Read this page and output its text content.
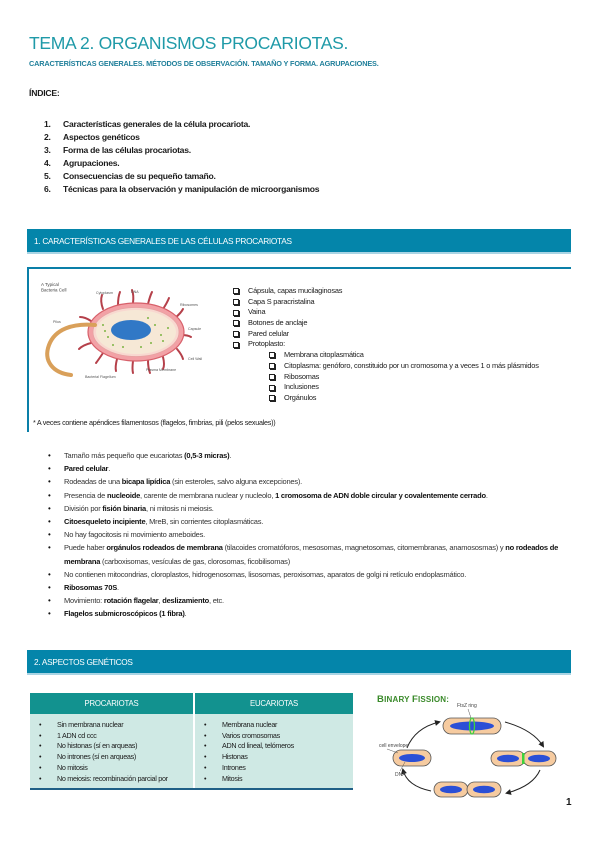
TEMA 2. ORGANISMOS PROCARIOTAS.
CARACTERÍSTICAS GENERALES. MÉTODOS DE OBSERVACIÓN. TAMAÑO Y FORMA. AGRUPACIONES.
ÍNDICE:
1.	Características generales de la célula procariota.
2.	Aspectos genéticos
3.	Forma de las células procariotas.
4.	Agrupaciones.
5.	Consecuencias de su pequeño tamaño.
6.	Técnicas para la observación y manipulación de microorganismos
1. CARACTERÍSTICAS GENERALES DE LAS CÉLULAS PROCARIOTAS
A Typical
Bacteria Cell
Cytoplasm	DNA
Ribosomes
Capsule
Cell Wall
Plasma Membrane
Bacterial Flagellum
Pilus
Cápsula, capas mucilaginosas
Capa S paracristalina
Vaina
Botones de anclaje
Pared celular
Protoplasto:
Membrana citoplasmática
Citoplasma: genóforo, constituido por un cromosoma y a veces 1 o más plásmidos
Ribosomas
Inclusiones
Orgánulos
* A veces contiene apéndices filamentosos (flagelos, fimbrias, pili (pelos sexuales))
•	Tamaño más pequeño que eucariotas (0,5-3 micras).
•	Pared celular.
•	Rodeadas de una bicapa lipídica (sin esteroles, salvo alguna excepciones).
•	Presencia de nucleoide, carente de membrana nuclear y nucleolo, 1 cromosoma de ADN doble circular y covalentemente cerrado.
•	División por fisión binaria, ni mitosis ni meiosis.
•	Citoesqueleto incipiente, MreB, sin corrientes citoplasmáticas.
•	No hay fagocitosis ni movimiento ameboides.
•	Puede haber orgánulos rodeados de membrana (tilacoides cromatóforos, mesosomas, magnetosomas, citomembranas, anamososmas) y no rodeados de membrana (carboxisomas, vesículas de gas, clorosomas, ficobilisomas)
•	No contienen mitocondrias, cloroplastos, hidrogenosomas, lisosomas, peroxisomas, aparatos de golgi ni retículo endoplasmático.
•	Ribosomas 70S.
•	Movimiento: rotación flagelar, deslizamiento, etc.
•	Flagelos submicroscópicos (1 fibra).
2. ASPECTOS GENÉTICOS
PROCARIOTAS	EUCARIOTAS

•	Sin membrana nuclear
•	1 ADN cd ccc
•	No histonas (sí en arqueas)
•	No intrones (sí en arqueas)
•	No mitosis
•	No meiosis: recombinación parcial por

•	Membrana nuclear
•	Varios cromosomas
•	ADN cd lineal, telómeros
•	Histonas
•	Intrones
•	Mitosis
BINARY FISSION:
FtsZ ring
cell envelope
DNA
1
